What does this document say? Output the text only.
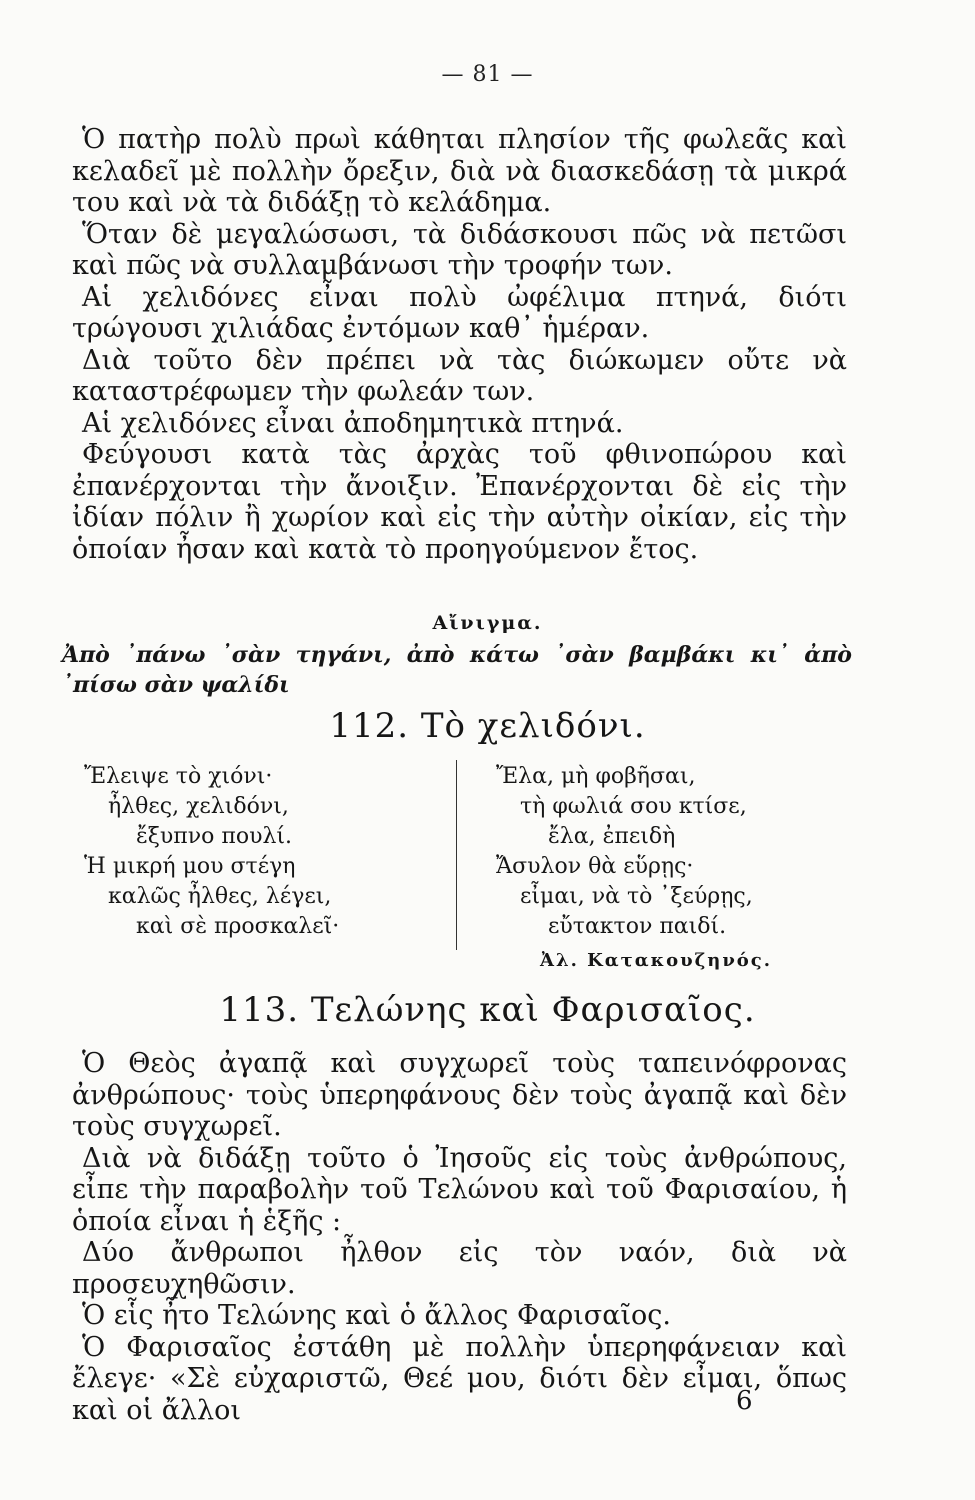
— 81 —

Ὁ πατὴρ πολὺ πρωὶ κάθηται πλησίον τῆς φωλεᾶς καὶ κελαδεῖ μὲ πολλὴν ὄρεξιν, διὰ νὰ διασκεδάσῃ τὰ μικρά του καὶ νὰ τὰ διδάξῃ τὸ κελάδημα.

Ὅταν δὲ μεγαλώσωσι, τὰ διδάσκουσι πῶς νὰ πετῶσι καὶ πῶς νὰ συλλαμβάνωσι τὴν τροφήν των.

Αἱ χελιδόνες εἶναι πολὺ ὠφέλιμα πτηνά, διότι τρώγουσι χιλιάδας ἐντόμων καθ᾽ ἡμέραν.

Διὰ τοῦτο δὲν πρέπει νὰ τὰς διώκωμεν οὔτε νὰ καταστρέφωμεν τὴν φωλεάν των.

Αἱ χελιδόνες εἶναι ἀποδημητικὰ πτηνά.

Φεύγουσι κατὰ τὰς ἀρχὰς τοῦ φθινοπώρου καὶ ἐπανέρχονται τὴν ἄνοιξιν. Ἐπανέρχονται δὲ εἰς τὴν ἰδίαν πόλιν ἢ χωρίον καὶ εἰς τὴν αὐτὴν οἰκίαν, εἰς τὴν ὁποίαν ἦσαν καὶ κατὰ τὸ προηγούμενον ἔτος.

Αἴνιγμα.
Ἀπὸ ᾽πάνω ᾽σὰν τηγάνι, ἀπὸ κάτω ᾽σὰν βαμβάκι κι᾽ ἀπὸ ᾽πίσω σὰν ψαλίδι
112. Τὸ χελιδόνι.
Ἔλειψε τὸ χιόνι·
ἦλθες, χελιδόνι,
ἔξυπνο πουλί.
Ἡ μικρή μου στέγη
καλῶς ἦλθες, λέγει,
καὶ σὲ προσκαλεῖ·
Ἔλα, μὴ φοβῆσαι,
τὴ φωλιά σου κτίσε,
ἔλα, ἐπειδὴ
Ἄσυλον θὰ εὕρῃς·
εἶμαι, νὰ τὸ ᾽ξεύρῃς,
εὔτακτον παιδί.
Ἀλ. Κατακουζηνός.
113. Τελώνης καὶ Φαρισαῖος.

Ὁ Θεὸς ἀγαπᾷ καὶ συγχωρεῖ τοὺς ταπεινόφρονας ἀνθρώπους· τοὺς ὑπερηφάνους δὲν τοὺς ἀγαπᾷ καὶ δὲν τοὺς συγχωρεῖ.

Διὰ νὰ διδάξῃ τοῦτο ὁ Ἰησοῦς εἰς τοὺς ἀνθρώπους, εἶπε τὴν παραβολὴν τοῦ Τελώνου καὶ τοῦ Φαρισαίου, ἡ ὁποία εἶναι ἡ ἑξῆς :

Δύο ἄνθρωποι ἦλθον εἰς τὸν ναόν, διὰ νὰ προσευχηθῶσιν.

Ὁ εἷς ἦτο Τελώνης καὶ ὁ ἄλλος Φαρισαῖος.

Ὁ Φαρισαῖος ἐστάθη μὲ πολλὴν ὑπερηφάνειαν καὶ ἔλεγε· «Σὲ εὐχαριστῶ, Θεέ μου, διότι δὲν εἶμαι, ὅπως καὶ οἱ ἄλλοι	6
